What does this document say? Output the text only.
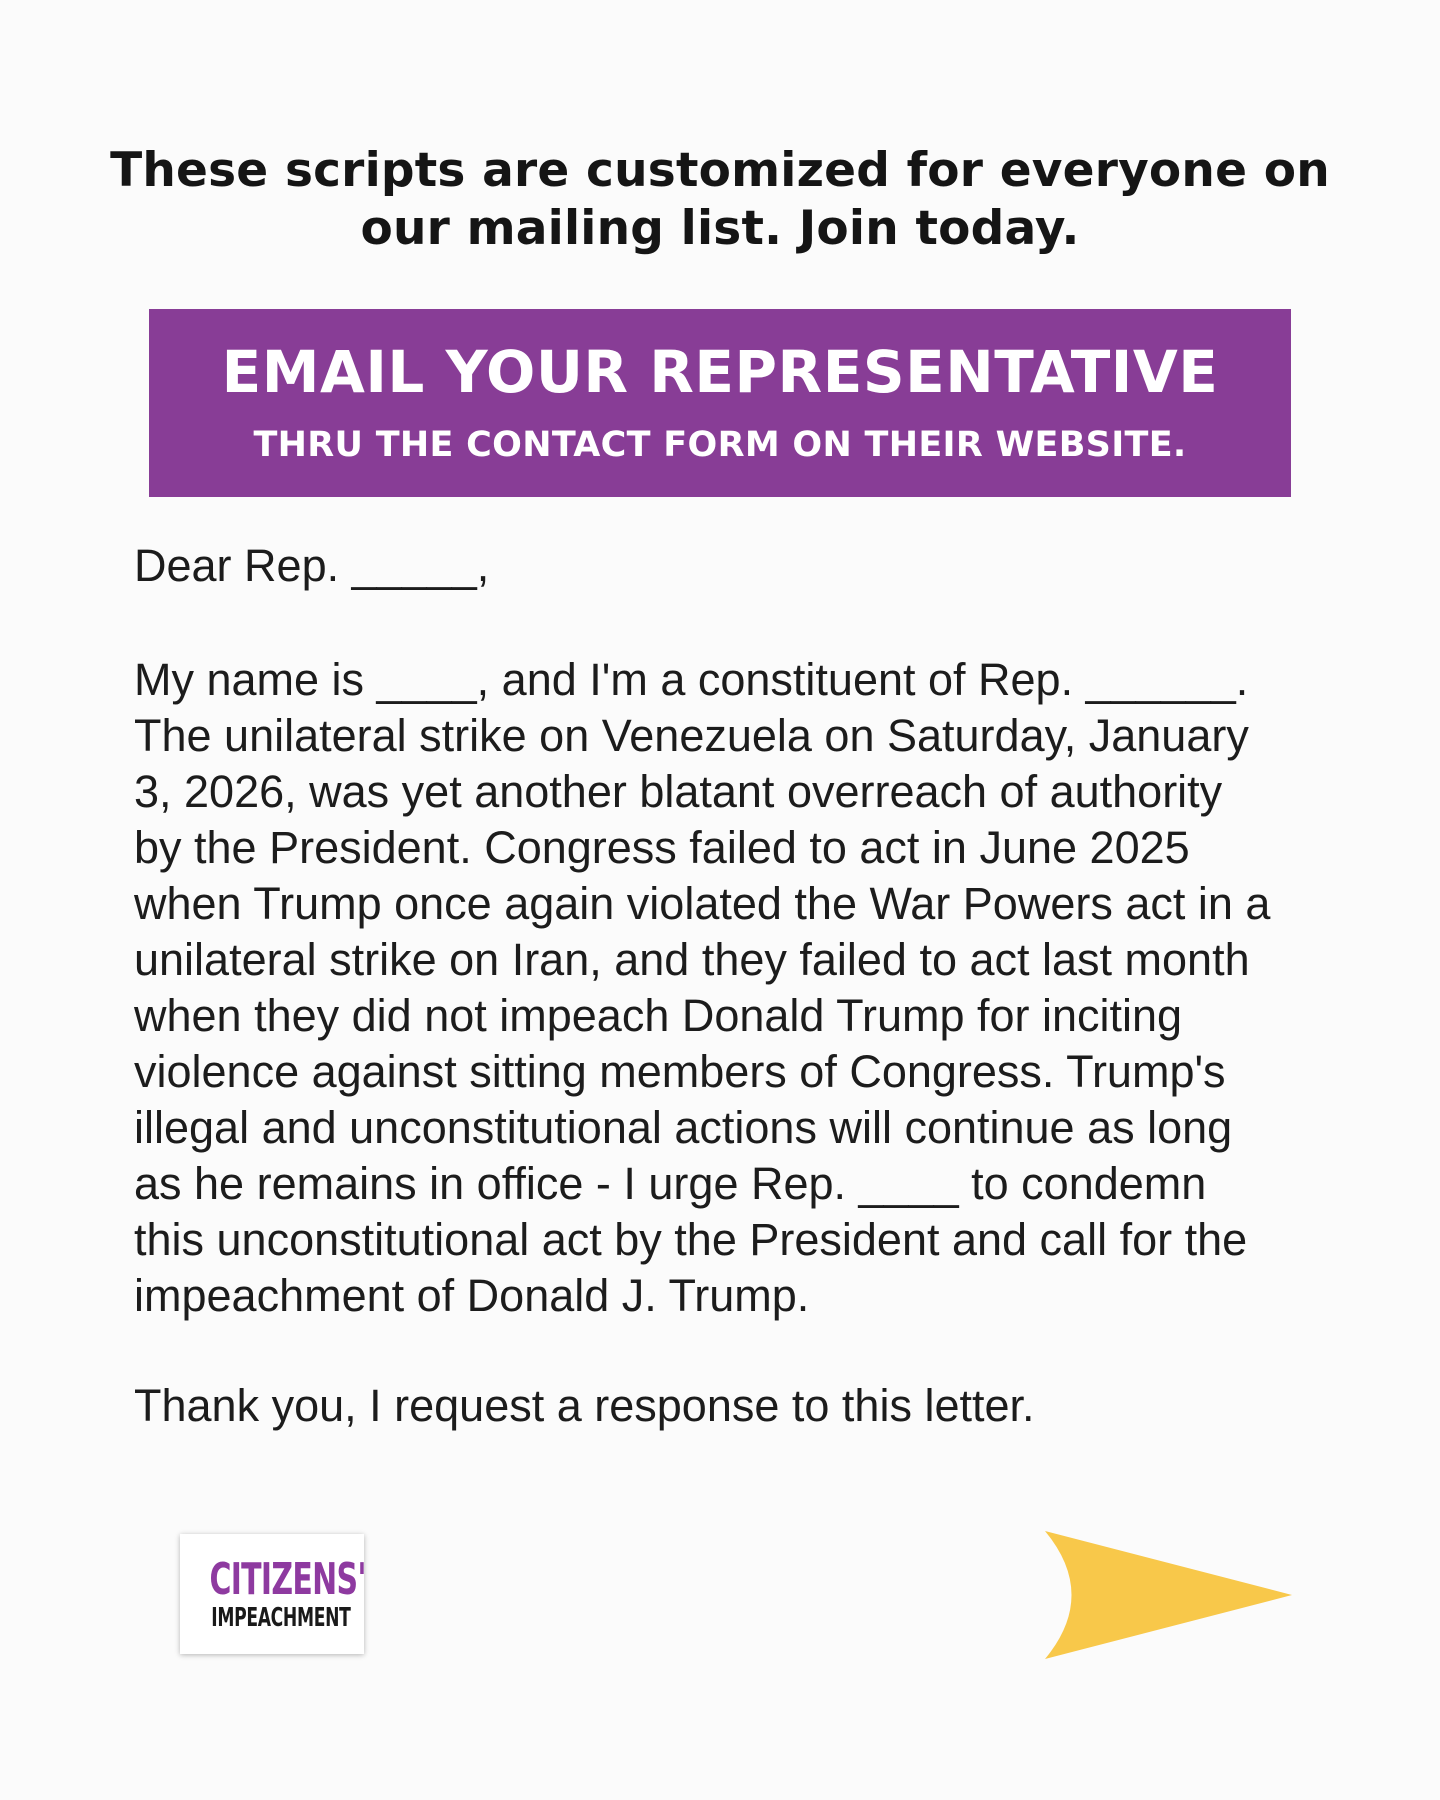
These scripts are customized for everyone on
our mailing list. Join today.
EMAIL YOUR REPRESENTATIVE
THRU THE CONTACT FORM ON THEIR WEBSITE.

Dear Rep. _____,

My name is ____, and I'm a constituent of Rep. ______.
The unilateral strike on Venezuela on Saturday, January
3, 2026, was yet another blatant overreach of authority
by the President. Congress failed to act in June 2025
when Trump once again violated the War Powers act in a
unilateral strike on Iran, and they failed to act last month
when they did not impeach Donald Trump for inciting
violence against sitting members of Congress. Trump's
illegal and unconstitutional actions will continue as long
as he remains in office - I urge Rep. ____ to condemn
this unconstitutional act by the President and call for the
impeachment of Donald J. Trump.

Thank you, I request a response to this letter.

CITIZENS'
IMPEACHMENT
